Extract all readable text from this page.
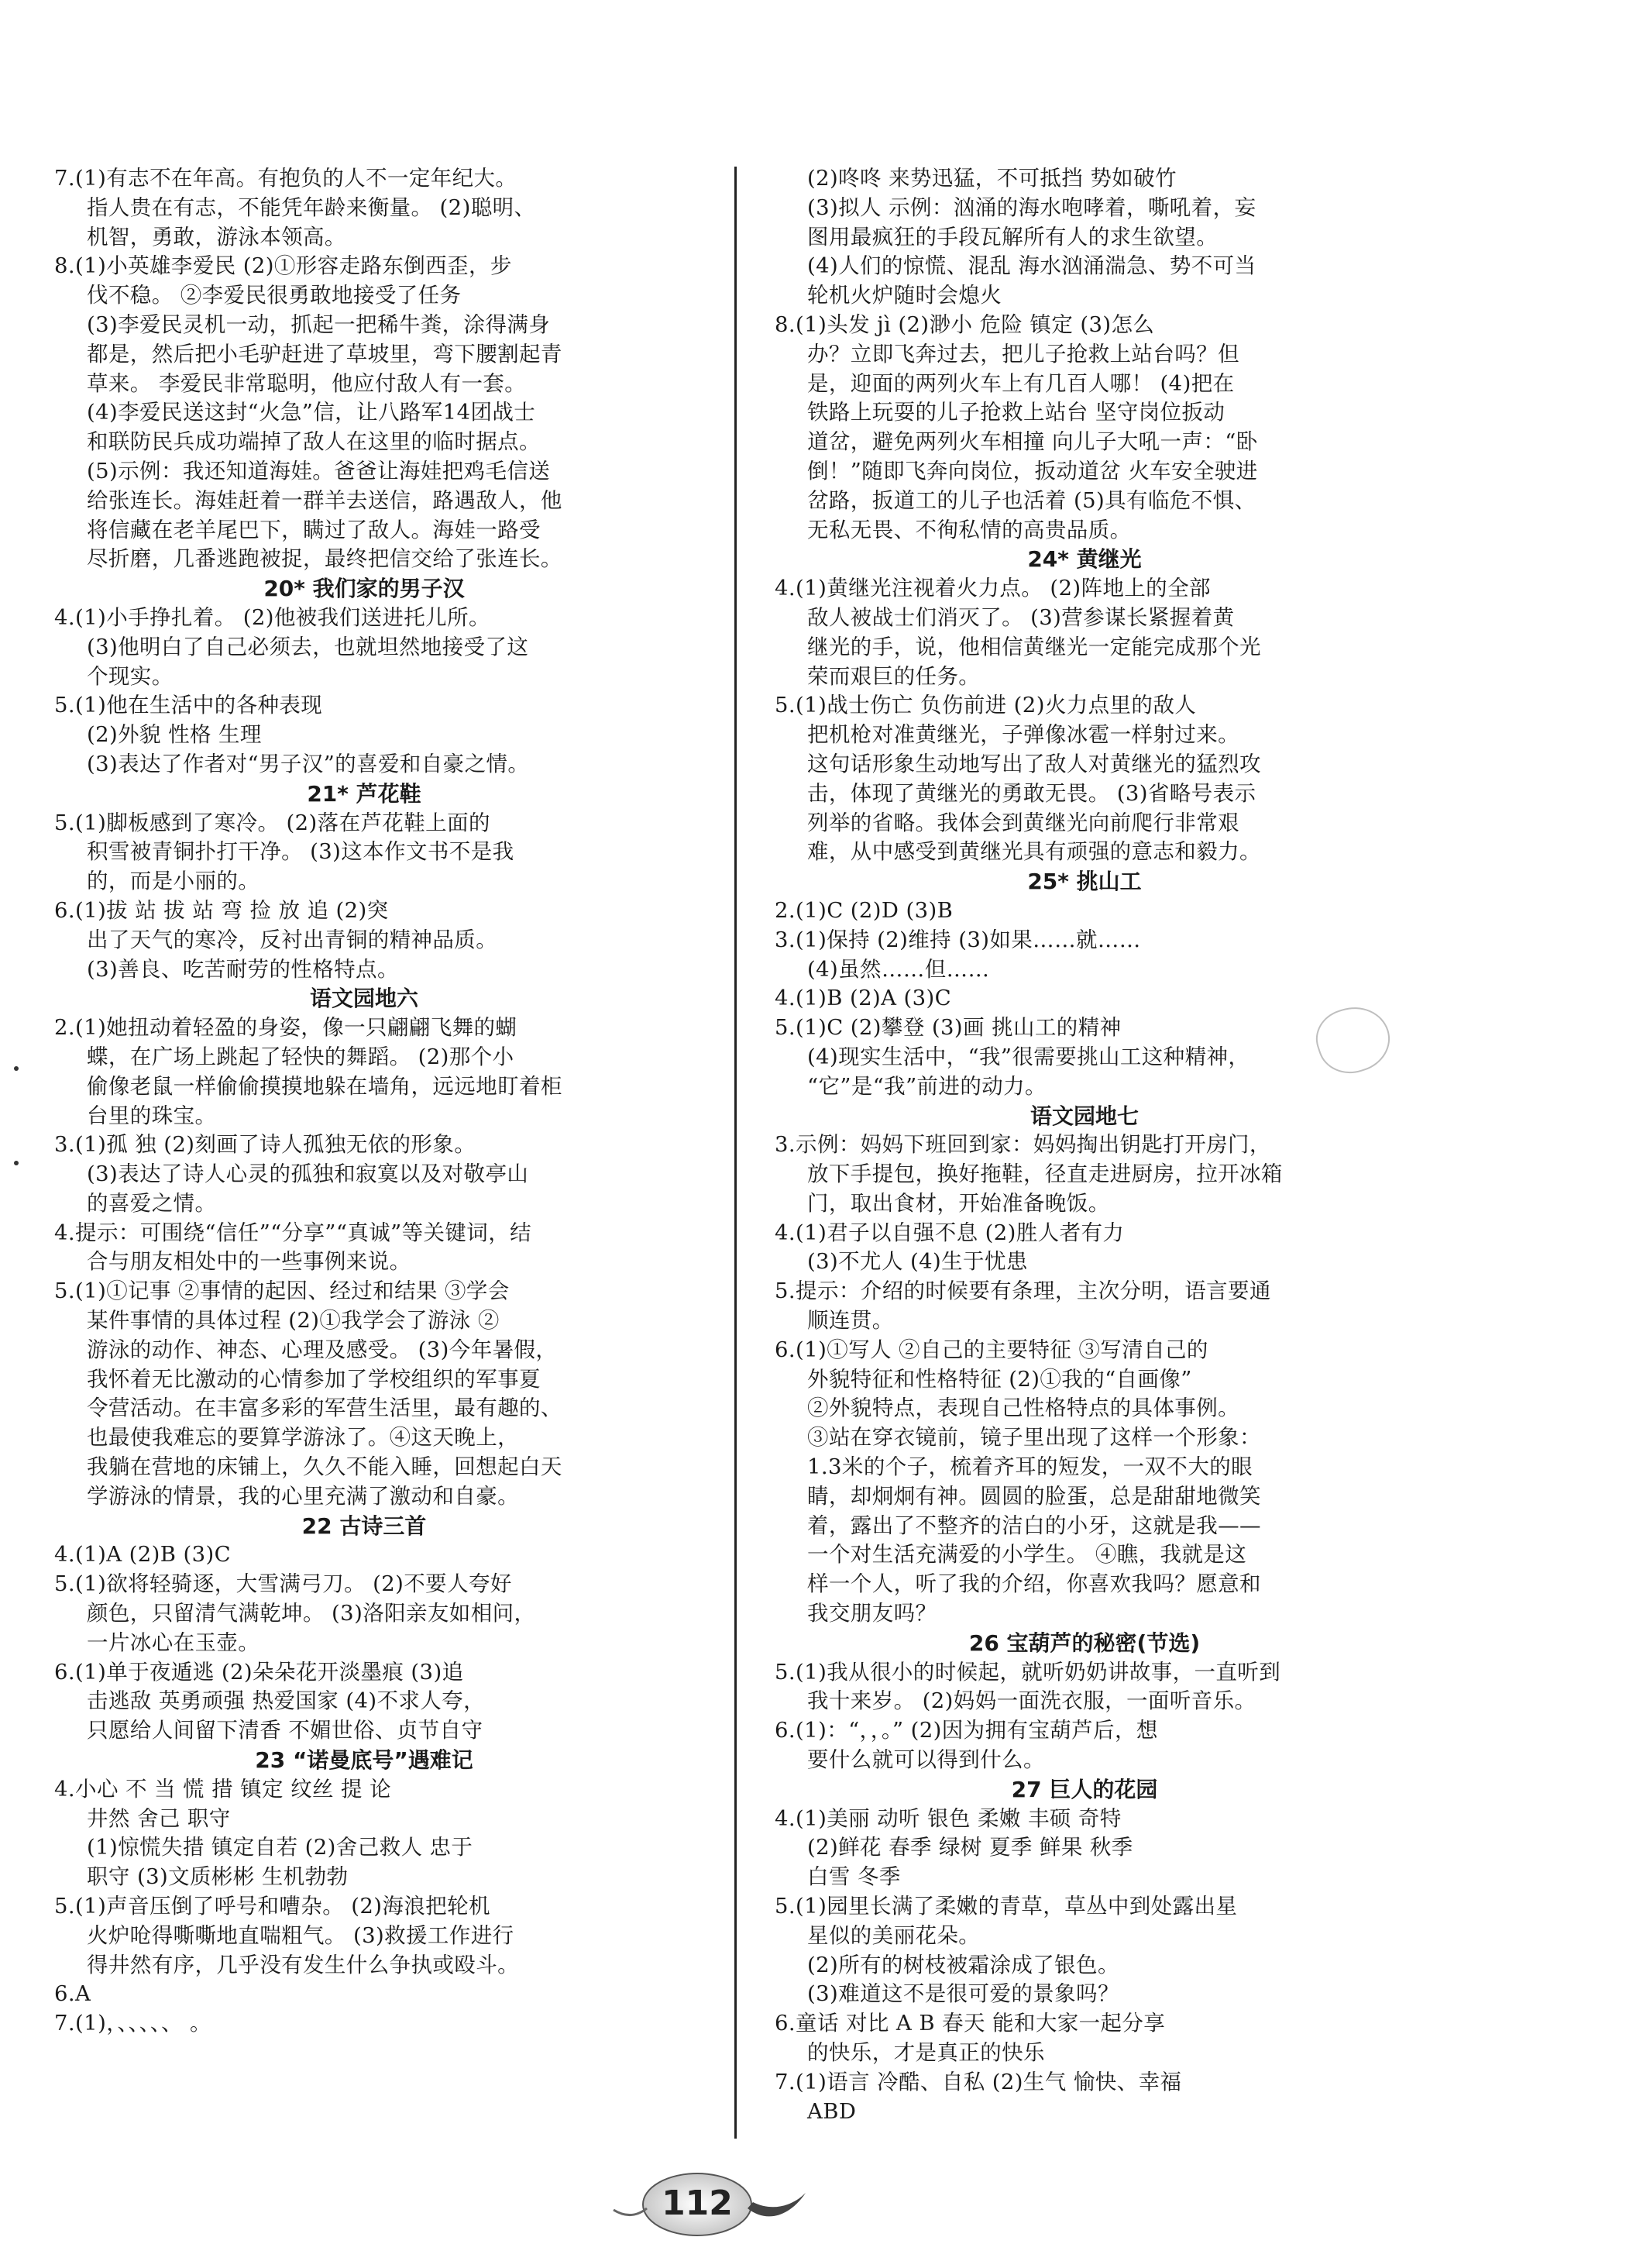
7.(1)有志不在年高。有抱负的人不一定年纪大。
指人贵在有志，不能凭年龄来衡量。 (2)聪明、
机智，勇敢，游泳本领高。
8.(1)小英雄李爱民 (2)①形容走路东倒西歪，步
伐不稳。 ②李爱民很勇敢地接受了任务
(3)李爱民灵机一动，抓起一把稀牛粪，涂得满身
都是，然后把小毛驴赶进了草坡里，弯下腰割起青
草来。 李爱民非常聪明，他应付敌人有一套。
(4)李爱民送这封“火急”信，让八路军14团战士
和联防民兵成功端掉了敌人在这里的临时据点。
(5)示例：我还知道海娃。爸爸让海娃把鸡毛信送
给张连长。海娃赶着一群羊去送信，路遇敌人，他
将信藏在老羊尾巴下，瞒过了敌人。海娃一路受
尽折磨，几番逃跑被捉，最终把信交给了张连长。
20* 我们家的男子汉
4.(1)小手挣扎着。 (2)他被我们送进托儿所。
(3)他明白了自己必须去，也就坦然地接受了这
个现实。
5.(1)他在生活中的各种表现
(2)外貌 性格 生理
(3)表达了作者对“男子汉”的喜爱和自豪之情。
21* 芦花鞋
5.(1)脚板感到了寒冷。 (2)落在芦花鞋上面的
积雪被青铜扑打干净。 (3)这本作文书不是我
的，而是小丽的。
6.(1)拔 站 拔 站 弯 捡 放 追 (2)突
出了天气的寒冷，反衬出青铜的精神品质。
(3)善良、吃苦耐劳的性格特点。
语文园地六
2.(1)她扭动着轻盈的身姿，像一只翩翩飞舞的蝴
蝶，在广场上跳起了轻快的舞蹈。 (2)那个小
偷像老鼠一样偷偷摸摸地躲在墙角，远远地盯着柜
台里的珠宝。
3.(1)孤 独 (2)刻画了诗人孤独无依的形象。
(3)表达了诗人心灵的孤独和寂寞以及对敬亭山
的喜爱之情。
4.提示：可围绕“信任”“分享”“真诚”等关键词，结
合与朋友相处中的一些事例来说。
5.(1)①记事 ②事情的起因、经过和结果 ③学会
某件事情的具体过程 (2)①我学会了游泳 ②
游泳的动作、神态、心理及感受。 (3)今年暑假，
我怀着无比激动的心情参加了学校组织的军事夏
令营活动。在丰富多彩的军营生活里，最有趣的、
也最使我难忘的要算学游泳了。④这天晚上，
我躺在营地的床铺上，久久不能入睡，回想起白天
学游泳的情景，我的心里充满了激动和自豪。
22 古诗三首
4.(1)A (2)B (3)C
5.(1)欲将轻骑逐，大雪满弓刀。 (2)不要人夸好
颜色，只留清气满乾坤。 (3)洛阳亲友如相问，
一片冰心在玉壶。
6.(1)单于夜遁逃 (2)朵朵花开淡墨痕 (3)追
击逃敌 英勇顽强 热爱国家 (4)不求人夸，
只愿给人间留下清香 不媚世俗、贞节自守
23 “诺曼底号”遇难记
4.小心 不 当 慌 措 镇定 纹丝 提 论
井然 舍己 职守
(1)惊慌失措 镇定自若 (2)舍己救人 忠于
职守 (3)文质彬彬 生机勃勃
5.(1)声音压倒了呼号和嘈杂。 (2)海浪把轮机
火炉呛得嘶嘶地直喘粗气。 (3)救援工作进行
得井然有序，几乎没有发生什么争执或殴斗。
6.A
7.(1)，、、、、、 。
(2)咚咚 来势迅猛，不可抵挡 势如破竹
(3)拟人 示例：汹涌的海水咆哮着，嘶吼着，妄
图用最疯狂的手段瓦解所有人的求生欲望。
(4)人们的惊慌、混乱 海水汹涌湍急、势不可当
轮机火炉随时会熄火
8.(1)头发 jì (2)渺小 危险 镇定 (3)怎么
办？立即飞奔过去，把儿子抢救上站台吗？但
是，迎面的两列火车上有几百人哪！ (4)把在
铁路上玩耍的儿子抢救上站台 坚守岗位扳动
道岔，避免两列火车相撞 向儿子大吼一声：“卧
倒！”随即飞奔向岗位，扳动道岔 火车安全驶进
岔路，扳道工的儿子也活着 (5)具有临危不惧、
无私无畏、不徇私情的高贵品质。
24* 黄继光
4.(1)黄继光注视着火力点。 (2)阵地上的全部
敌人被战士们消灭了。 (3)营参谋长紧握着黄
继光的手，说，他相信黄继光一定能完成那个光
荣而艰巨的任务。
5.(1)战士伤亡 负伤前进 (2)火力点里的敌人
把机枪对准黄继光，子弹像冰雹一样射过来。
这句话形象生动地写出了敌人对黄继光的猛烈攻
击，体现了黄继光的勇敢无畏。 (3)省略号表示
列举的省略。我体会到黄继光向前爬行非常艰
难，从中感受到黄继光具有顽强的意志和毅力。
25* 挑山工
2.(1)C (2)D (3)B
3.(1)保持 (2)维持 (3)如果……就……
(4)虽然……但……
4.(1)B (2)A (3)C
5.(1)C (2)攀登 (3)画 挑山工的精神
(4)现实生活中，“我”很需要挑山工这种精神，
“它”是“我”前进的动力。
语文园地七
3.示例：妈妈下班回到家：妈妈掏出钥匙打开房门，
放下手提包，换好拖鞋，径直走进厨房，拉开冰箱
门，取出食材，开始准备晚饭。
4.(1)君子以自强不息 (2)胜人者有力
(3)不尤人 (4)生于忧患
5.提示：介绍的时候要有条理，主次分明，语言要通
顺连贯。
6.(1)①写人 ②自己的主要特征 ③写清自己的
外貌特征和性格特征 (2)①我的“自画像”
②外貌特点，表现自己性格特点的具体事例。
③站在穿衣镜前，镜子里出现了这样一个形象：
1.3米的个子，梳着齐耳的短发，一双不大的眼
睛，却炯炯有神。圆圆的脸蛋，总是甜甜地微笑
着，露出了不整齐的洁白的小牙，这就是我——
一个对生活充满爱的小学生。 ④瞧，我就是这
样一个人，听了我的介绍，你喜欢我吗？愿意和
我交朋友吗？
26 宝葫芦的秘密(节选)
5.(1)我从很小的时候起，就听奶奶讲故事，一直听到
我十来岁。 (2)妈妈一面洗衣服，一面听音乐。
6.(1)：“，，。” (2)因为拥有宝葫芦后，想
要什么就可以得到什么。
27 巨人的花园
4.(1)美丽 动听 银色 柔嫩 丰硕 奇特
(2)鲜花 春季 绿树 夏季 鲜果 秋季
白雪 冬季
5.(1)园里长满了柔嫩的青草，草丛中到处露出星
星似的美丽花朵。
(2)所有的树枝被霜涂成了银色。
(3)难道这不是很可爱的景象吗？
6.童话 对比 A B 春天 能和大家一起分享
的快乐，才是真正的快乐
7.(1)语言 冷酷、自私 (2)生气 愉快、幸福
ABD
112
